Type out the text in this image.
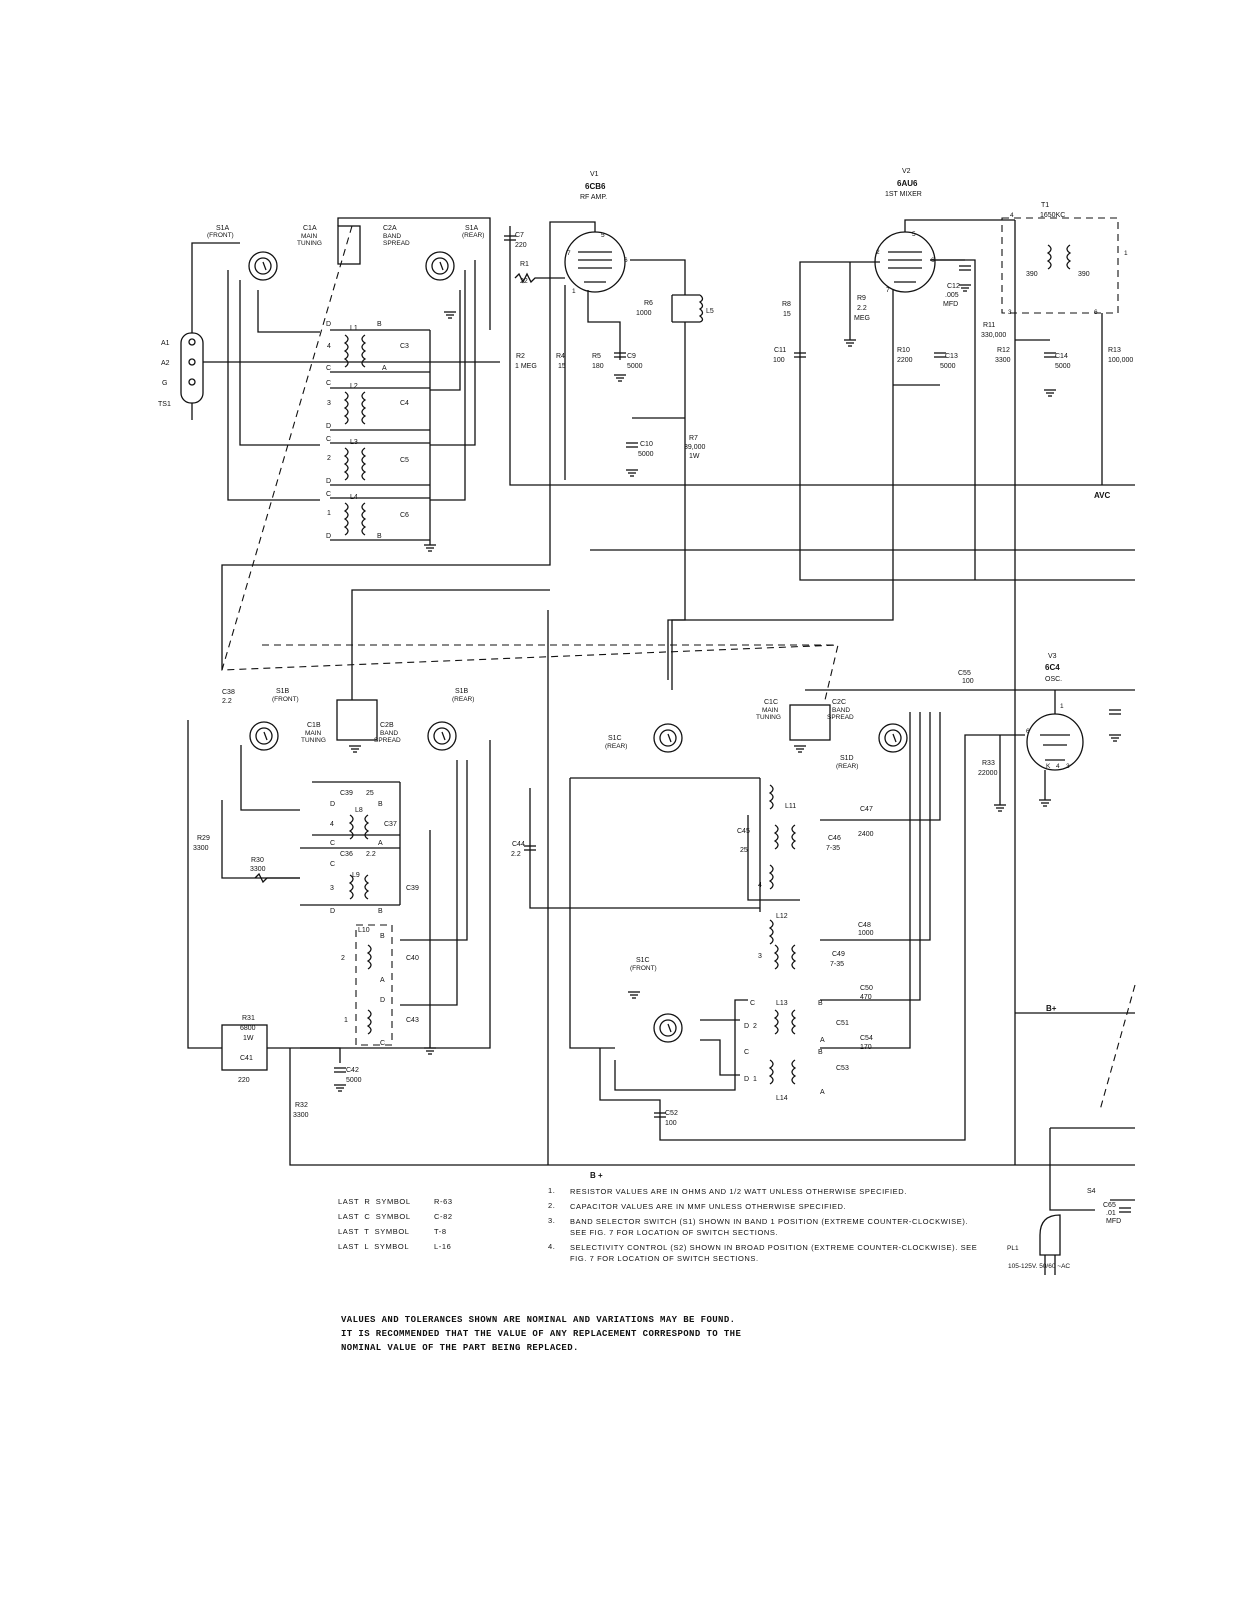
A1
A2
G
TS1
S1A
(FRONT)
C1A
MAIN
TUNING
C2A
BAND
SPREAD
S1A
(REAR)
D	B
4
C	A
L1
C3
C	L2
3	C4
D
C	L3
2	C5
D
C	L4
1	C6
D	B
V1
6CB6
RF AMP.
5
7
6
1
C7
220
R1
22
R2
1 MEG
R4
15
R5
180
C9
5000
R6
1000	L5
R7
39,000
1W
C10
5000
V2
6AU6
1ST MIXER
5
2
6
7
R8
15
R9
2.2
MEG
C11
100
R10
2200
C13
5000
C12
.005
MFD
R11
330,000
R12
3300
C14
5000
T1
1650KC
390	390
4
1
3	6
R13
100,000
AVC
C38
2.2
S1B
(FRONT)
C1B
MAIN
TUNING
C2B
BAND
SPREAD
S1B
(REAR)
R29
3300
R30
3300
C39 25
D	B
L8
4	C37
C	A
C36 2.2
C
L9
3	C39
D	B
L10
2
B
C40
A
D
1	C43
C
R31
6800
1W
C41
220
C42
5000
R32
3300
C44
2.2
S1C
(REAR)
C1C
MAIN
TUNING
C2C
BAND
SPREAD
S1D
(REAR)
C55
100
L11
C45
25
4
C46
7-35
C47
2400
L12
3	C49
7-35
C48
1000
L13
C	B
D 2	C51
A
C50
470
C54
170
C
D 1
B
C53
A
L14
S1C
(FRONT)
C52
100
V3
6C4
OSC.
1
6
K 4 3
R33
22000
B+
B +
S4
C65
.01
MFD
PL1
105-125V. 50/60 ~AC
LAST  R  SYMBOL	R-63
LAST  C  SYMBOL	C-82
LAST  T  SYMBOL	T-8
LAST  L  SYMBOL	L-16
1.	RESISTOR VALUES ARE IN OHMS AND 1/2 WATT UNLESS OTHERWISE SPECIFIED.
2.	CAPACITOR VALUES ARE IN MMF UNLESS OTHERWISE SPECIFIED.
3.	BAND SELECTOR SWITCH (S1) SHOWN IN BAND 1 POSITION (EXTREME COUNTER-CLOCKWISE). SEE FIG. 7 FOR LOCATION OF SWITCH SECTIONS.
4.	SELECTIVITY CONTROL (S2) SHOWN IN BROAD POSITION (EXTREME COUNTER-CLOCKWISE). SEE FIG. 7 FOR LOCATION OF SWITCH SECTIONS.
VALUES AND TOLERANCES SHOWN ARE NOMINAL AND VARIATIONS MAY BE FOUND.
IT IS RECOMMENDED THAT THE VALUE OF ANY REPLACEMENT CORRESPOND TO THE
NOMINAL VALUE OF THE PART BEING REPLACED.
